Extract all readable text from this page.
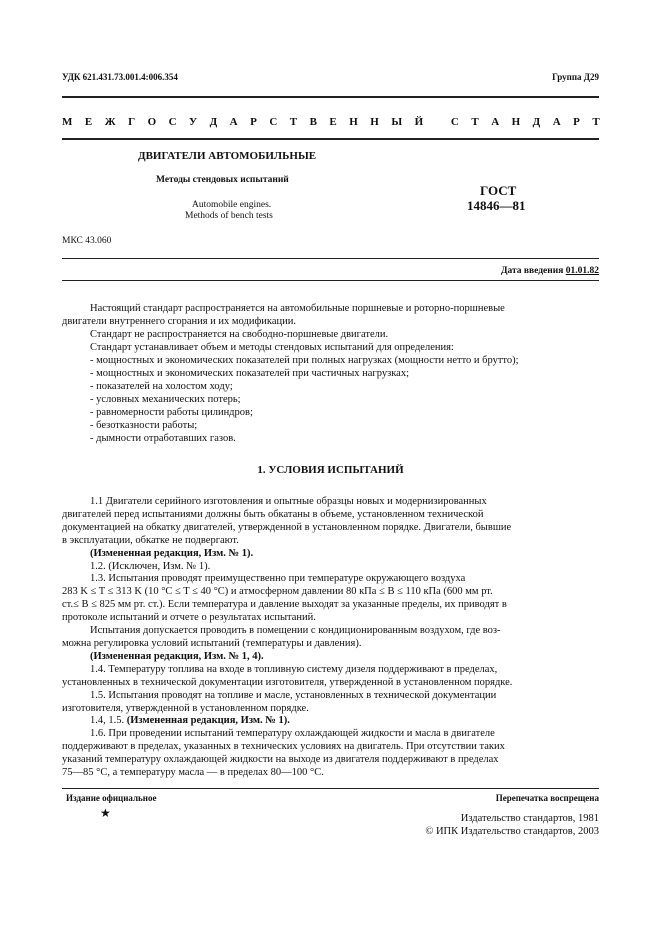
УДК 621.431.73.001.4:006.354	Группа Д29
М Е Ж Г О С У Д А Р С Т В Е Н Н Ы Й
	С Т А Н Д А Р Т
ДВИГАТЕЛИ АВТОМОБИЛЬНЫЕ
Методы стендовых испытаний
Automobile engines.
Methods of bench tests
ГОСТ
14846—81
МКС 43.060
Дата введения 01.01.82
Настоящий стандарт распространяется на автомобильные поршневые и роторно-поршневые
двигатели внутреннего сгорания и их модификации.
Стандарт не распространяется на свободно-поршневые двигатели.
Стандарт устанавливает объем и методы стендовых испытаний для определения:
- мощностных и экономических показателей при полных нагрузках (мощности нетто и брутто);
- мощностных и экономических показателей при частичных нагрузках;
- показателей на холостом ходу;
- условных механических потерь;
- равномерности работы цилиндров;
- безотказности работы;
- дымности отработавших газов.
1. УСЛОВИЯ ИСПЫТАНИЙ
1.1 Двигатели серийного изготовления и опытные образцы новых и модернизированных
двигателей перед испытаниями должны быть обкатаны в объеме, установленном технической
документацией на обкатку двигателей, утвержденной в установленном порядке. Двигатели, бывшие
в эксплуатации, обкатке не подвергают.
(Измененная редакция, Изм. № 1).
1.2. (Исключен, Изм. № 1).
1.3. Испытания проводят преимущественно при температуре окружающего воздуха
283 K ≤ T ≤ 313 K (10 °C ≤ T ≤ 40 °C) и атмосферном давлении 80 кПа ≤ B ≤ 110 кПа (600 мм рт.
ст.≤ B ≤ 825 мм рт. ст.). Если температура и давление выходят за указанные пределы, их приводят в
протоколе испытаний и отчете о результатах испытаний.
Испытания допускается проводить в помещении с кондиционированным воздухом, где воз-
можна регулировка условий испытаний (температуры и давления).
(Измененная редакция, Изм. № 1, 4).
1.4. Температуру топлива на входе в топливную систему дизеля поддерживают в пределах,
установленных в технической документации изготовителя, утвержденной в установленном порядке.
1.5. Испытания проводят на топливе и масле, установленных в технической документации
изготовителя, утвержденной в установленном порядке.
1.4, 1.5. (Измененная редакция, Изм. № 1).
1.6. При проведении испытаний температуру охлаждающей жидкости и масла в двигателе
поддерживают в пределах, указанных в технических условиях на двигатель. При отсутствии таких
указаний температуру охлаждающей жидкости на выходе из двигателя поддерживают в пределах
75—85 °C, а температуру масла — в пределах 80—100 °C.
Издание официальное	Перепечатка воспрещена
★	Издательство стандартов, 1981
© ИПК Издательство стандартов, 2003
